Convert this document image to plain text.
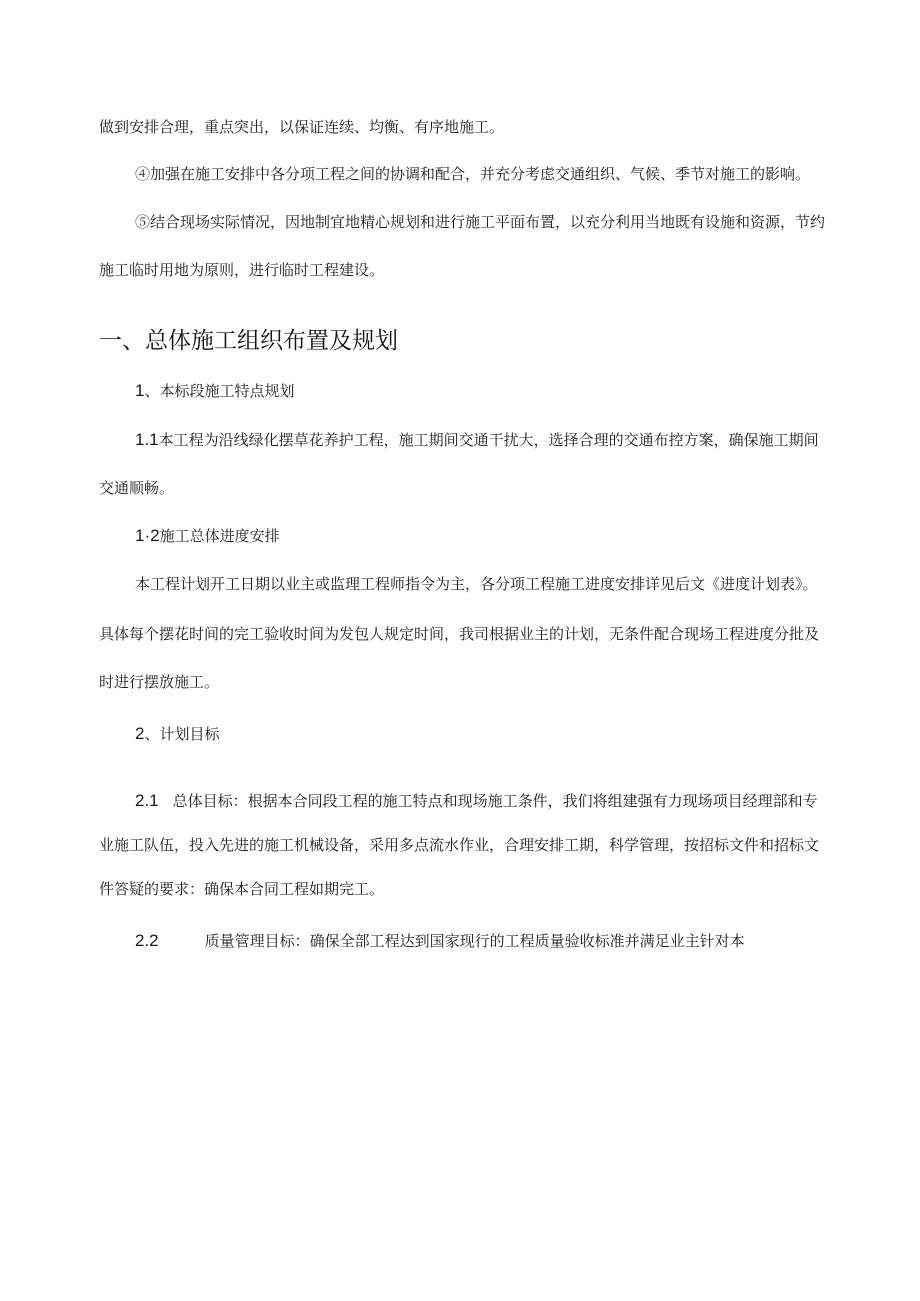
做到安排合理，重点突出，以保证连续、均衡、有序地施工。
④加强在施工安排中各分项工程之间的协调和配合，并充分考虑交通组织、气候、季节对施工的影响。
⑤结合现场实际情况，因地制宜地精心规划和进行施工平面布置，以充分利用当地既有设施和资源，节约
施工临时用地为原则，进行临时工程建设。
一、总体施工组织布置及规划
1、本标段施工特点规划
1.1本工程为沿线绿化摆草花养护工程，施工期间交通干扰大，选择合理的交通布控方案，确保施工期间
交通顺畅。
1·2施工总体进度安排
本工程计划开工日期以业主或监理工程师指令为主，各分项工程施工进度安排详见后文《进度计划表》。
具体每个摆花时间的完工验收时间为发包人规定时间，我司根据业主的计划，无条件配合现场工程进度分批及
时进行摆放施工。
2、计划目标
2.1 总体目标：根据本合同段工程的施工特点和现场施工条件，我们将组建强有力现场项目经理部和专
业施工队伍，投入先进的施工机械设备，采用多点流水作业，合理安排工期，科学管理，按招标文件和招标文
件答疑的要求：确保本合同工程如期完工。
2.2	质量管理目标：确保全部工程达到国家现行的工程质量验收标准并满足业主针对本
